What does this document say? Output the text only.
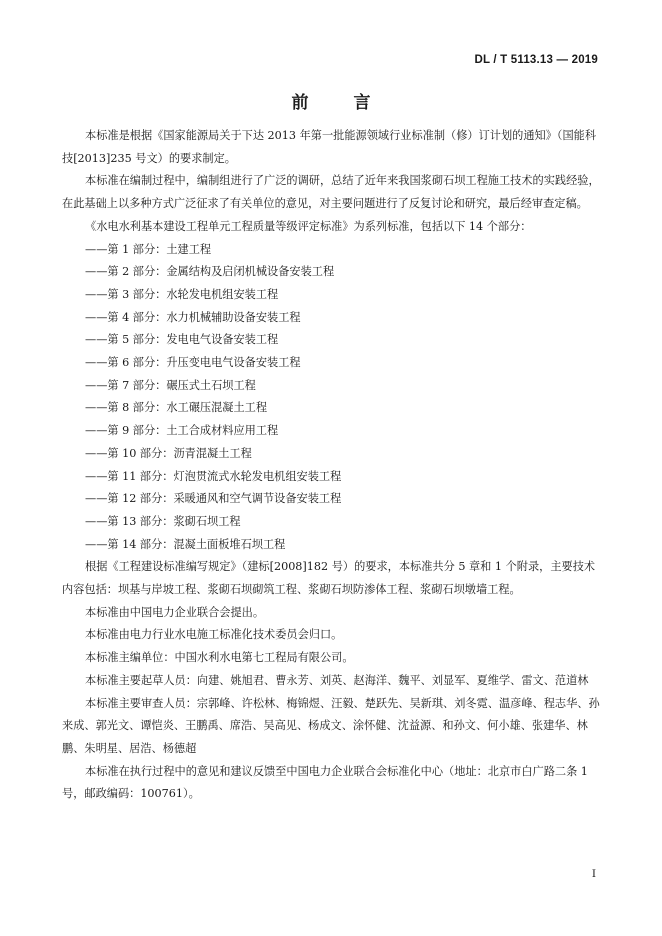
DL / T 5113.13 — 2019
前　言

本标准是根据《国家能源局关于下达 2013 年第一批能源领域行业标准制（修）订计划的通知》（国能科技[2013]235 号文）的要求制定。

本标准在编制过程中，编制组进行了广泛的调研，总结了近年来我国浆砌石坝工程施工技术的实践经验，在此基础上以多种方式广泛征求了有关单位的意见，对主要问题进行了反复讨论和研究，最后经审查定稿。

《水电水利基本建设工程单元工程质量等级评定标准》为系列标准，包括以下 14 个部分：

——第 1 部分：土建工程

——第 2 部分：金属结构及启闭机械设备安装工程

——第 3 部分：水轮发电机组安装工程

——第 4 部分：水力机械辅助设备安装工程

——第 5 部分：发电电气设备安装工程

——第 6 部分：升压变电电气设备安装工程

——第 7 部分：碾压式土石坝工程

——第 8 部分：水工碾压混凝土工程

——第 9 部分：土工合成材料应用工程

——第 10 部分：沥青混凝土工程

——第 11 部分：灯泡贯流式水轮发电机组安装工程

——第 12 部分：采暖通风和空气调节设备安装工程

——第 13 部分：浆砌石坝工程

——第 14 部分：混凝土面板堆石坝工程

根据《工程建设标准编写规定》（建标[2008]182 号）的要求，本标准共分 5 章和 1 个附录，主要技术内容包括：坝基与岸坡工程、浆砌石坝砌筑工程、浆砌石坝防渗体工程、浆砌石坝墩墙工程。

本标准由中国电力企业联合会提出。

本标准由电力行业水电施工标准化技术委员会归口。

本标准主编单位：中国水利水电第七工程局有限公司。

本标准主要起草人员：向建、姚旭君、曹永芳、刘英、赵海洋、魏平、刘显军、夏维学、雷文、范道林

本标准主要审查人员：宗郭峰、许松林、梅锦煜、汪毅、楚跃先、吴新琪、刘冬霓、温彦峰、程志华、孙来成、郭光文、谭恺炎、王鹏禹、席浩、吴高见、杨成文、涂怀健、沈益源、和孙文、何小雄、张建华、林鹏、朱明星、居浩、杨德超

本标准在执行过程中的意见和建议反馈至中国电力企业联合会标准化中心（地址：北京市白广路二条 1 号，邮政编码：100761）。

I
